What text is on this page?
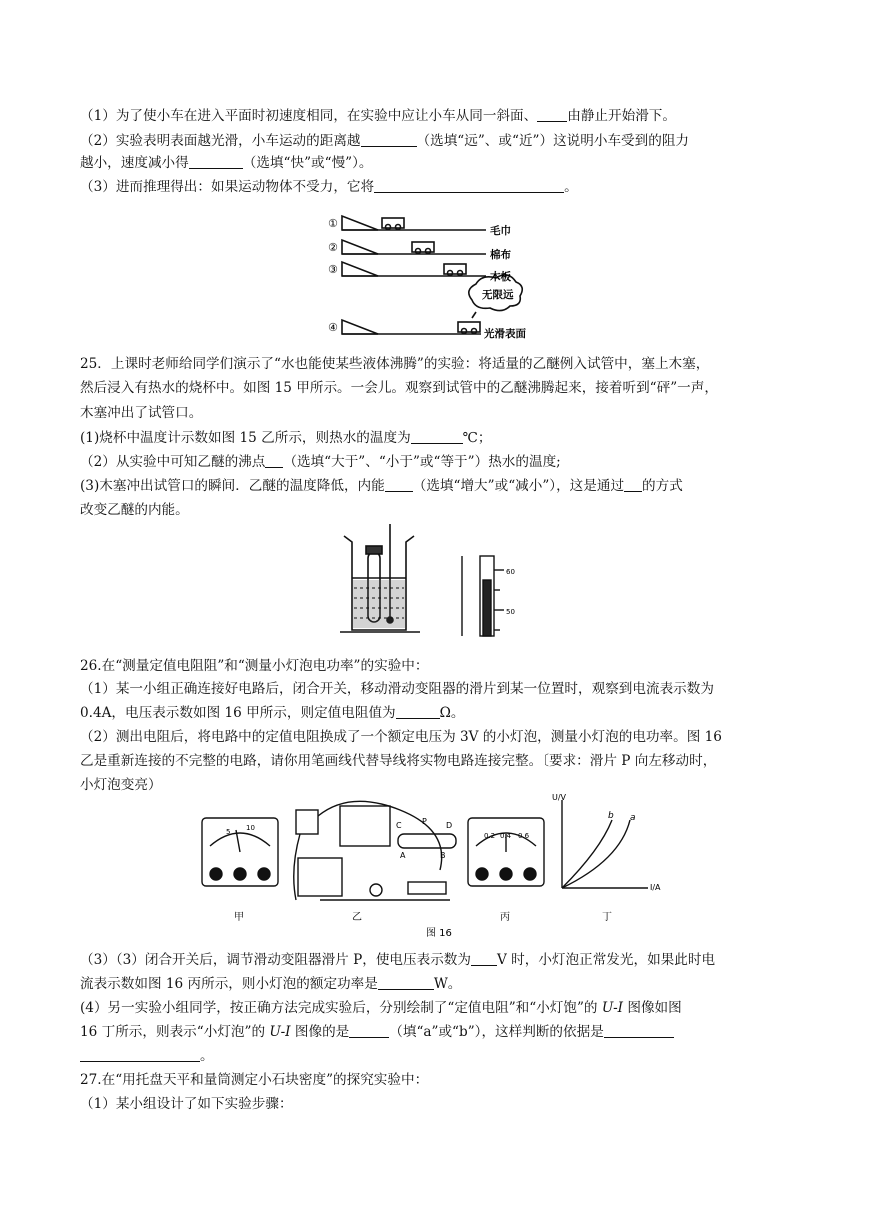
（1）为了使小车在进入平面时初速度相同，在实验中应让小车从同一斜面、 由静止开始滑下。
（2）实验表明表面越光滑，小车运动的距离越	（选填“远”、或“近”）这说明小车受到的阻力
越小，速度减小得	（选填“快”或“慢”）。
（3）进而推理得出：如果运动物体不受力，它将	。
①
②
③
④
毛巾
棉布
木板
光滑表面
无限远
25．上课时老师给同学们演示了“水也能使某些液体沸腾”的实验：将适量的乙醚例入试管中，塞上木塞，
然后浸入有热水的烧杯中。如图 15 甲所示。一会儿。观察到试管中的乙醚沸腾起来，接着听到“砰”一声，
木塞冲出了试管口。
(1)烧杯中温度计示数如图 15 乙所示，则热水的温度为	℃；
（2）从实验中可知乙醚的沸点 （选填“大于”、“小于”或“等于”）热水的温度;
(3)木塞冲出试管口的瞬间．乙醚的温度降低，内能 （选填“增大”或“减小”），这是通过 的方式
改变乙醚的内能。
60
50
26.在“测量定值电阻阻”和“测量小灯泡电功率”的实验中：
（1）某一小组正确连接好电路后，闭合开关，移动滑动变阻器的滑片到某一位置时，观察到电流表示数为
0.4A，电压表示数如图 16 甲所示，则定值电阻值为	Ω。
（2）测出电阻后，将电路中的定值电阻换成了一个额定电压为 3V 的小灯泡，测量小灯泡的电功率。图 16
乙是重新连接的不完整的电路，请你用笔画线代替导线将实物电路连接完整。〔要求：滑片 P 向左移动时，
小灯泡变亮）
5 10
0.2 0.4 0.6
C	P D
A	B
U/V
I/A
b a
甲	乙	丙	丁
图 16
（3）（3）闭合开关后，调节滑动变阻器滑片 P，使电压表示数为 V 时，小灯泡正常发光，如果此时电
流表示数如图 16 丙所示，则小灯泡的额定功率是	W。
(4）另一实验小组同学，按正确方法完成实验后，分别绘制了“定值电阻”和“小灯饱”的 U-I 图像如图
16 丁所示，则表示“小灯泡”的 U-I 图像的是	（填“a”或“b”），这样判断的依据是
。
27.在“用托盘天平和量筒测定小石块密度”的探究实验中：
（1）某小组设计了如下实验步骤：
